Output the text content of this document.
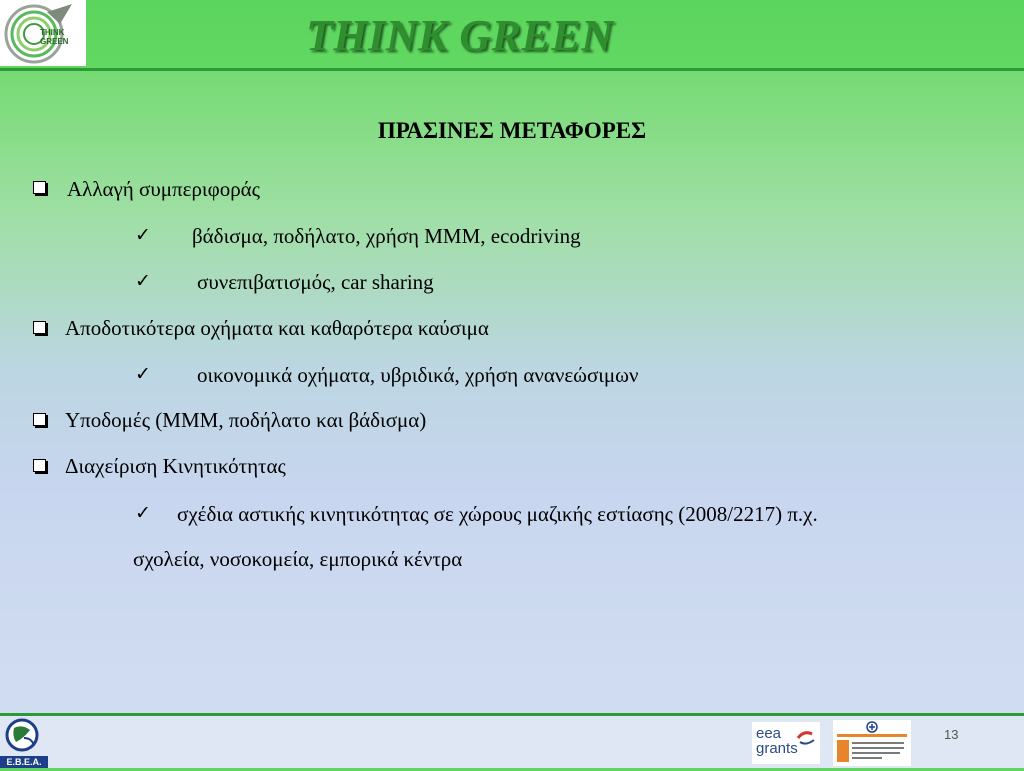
THINK
GREEN	THINK GREEN
ΠΡΑΣΙΝΕΣ ΜΕΤΑΦΟΡΕΣ
Αλλαγή συμπεριφοράς
✓ βάδισμα, ποδήλατο, χρήση ΜΜΜ, ecodriving
✓ συνεπιβατισμός, car sharing
Αποδοτικότερα οχήματα και καθαρότερα καύσιμα
✓ οικονομικά οχήματα, υβριδικά, χρήση ανανεώσιμων
Υποδομές (ΜΜΜ, ποδήλατο και βάδισμα)
Διαχείριση Κινητικότητας
✓ σχέδια αστικής κινητικότητας σε χώρους μαζικής εστίασης (2008/2217) π.χ.
σχολεία, νοσοκομεία, εμπορικά κέντρα
E.B.E.A.
eea
grants
13
